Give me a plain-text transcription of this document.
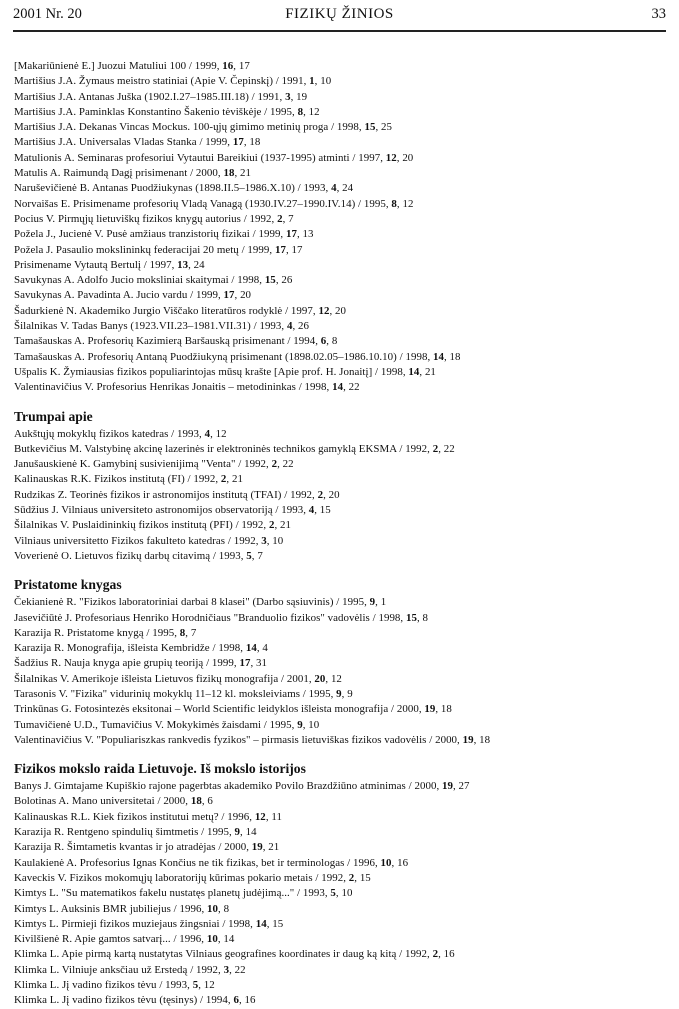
2001 Nr. 20	FIZIKŲ ŽINIOS	33
[Makariūnienė E.] Juozui Matuliui 100 / 1999, 16, 17
Martišius J.A. Žymaus meistro statiniai (Apie V. Čepinskį) / 1991, 1, 10
Martišius J.A. Antanas Juška (1902.I.27–1985.III.18) / 1991, 3, 19
Martišius J.A. Paminklas Konstantino Šakenio tėviškėje / 1995, 8, 12
Martišius J.A. Dekanas Vincas Mockus. 100-ųjų gimimo metinių proga / 1998, 15, 25
Martišius J.A. Universalas Vladas Stanka / 1999, 17, 18
Matulionis A. Seminaras profesoriui Vytautui Bareikiui (1937-1995) atminti / 1997, 12, 20
Matulis A. Raimundą Dagį prisimenant / 2000, 18, 21
Naruševičienė B. Antanas Puodžiukynas (1898.II.5–1986.X.10) / 1993, 4, 24
Norvaišas E. Prisimename profesorių Vladą Vanagą (1930.IV.27–1990.IV.14) / 1995, 8, 12
Pocius V. Pirmųjų lietuviškų fizikos knygų autorius / 1992, 2, 7
Požela J., Jucienė V. Pusė amžiaus tranzistorių fizikai / 1999, 17, 13
Požela J. Pasaulio mokslininkų federacijai 20 metų / 1999, 17, 17
Prisimename Vytautą Bertulį / 1997, 13, 24
Savukynas A. Adolfo Jucio moksliniai skaitymai / 1998, 15, 26
Savukynas A. Pavadinta A. Jucio vardu / 1999, 17, 20
Šadurkienė N. Akademiko Jurgio Viščako literatūros rodyklė / 1997, 12, 20
Šilalnikas V. Tadas Banys (1923.VII.23–1981.VII.31) / 1993, 4, 26
Tamašauskas A. Profesorių Kazimierą Baršauską prisimenant / 1994, 6, 8
Tamašauskas A. Profesorių Antaną Puodžiukyną prisimenant (1898.02.05–1986.10.10) / 1998, 14, 18
Ušpalis K. Žymiausias fizikos populiarintojas mūsų krašte [Apie prof. H. Jonaitį] / 1998, 14, 21
Valentinavičius V. Profesorius Henrikas Jonaitis – metodininkas / 1998, 14, 22
Trumpai apie
Aukštųjų mokyklų fizikos katedras / 1993, 4, 12
Butkevičius M. Valstybinę akcinę lazerinės ir elektroninės technikos gamyklą EKSMA / 1992, 2, 22
Janušauskienė K. Gamybinį susivienijimą "Venta" / 1992, 2, 22
Kalinauskas R.K. Fizikos institutą (FI) / 1992, 2, 21
Rudzikas Z. Teorinės fizikos ir astronomijos institutą (TFAI) / 1992, 2, 20
Sūdžius J. Vilniaus universiteto astronomijos observatoriją / 1993, 4, 15
Šilalnikas V. Puslaidininkių fizikos institutą (PFI) / 1992, 2, 21
Vilniaus universitetto Fizikos fakulteto katedras / 1992, 3, 10
Voverienė O. Lietuvos fizikų darbų citavimą / 1993, 5, 7
Pristatome knygas
Čekianienė R. "Fizikos laboratoriniai darbai 8 klasei" (Darbo sąsiuvinis) / 1995, 9, 1
Jasevičiūtė J. Profesoriaus Henriko Horodničiaus "Branduolio fizikos" vadovėlis / 1998, 15, 8
Karazija R. Pristatome knygą / 1995, 8, 7
Karazija R. Monografija, išleista Kembridže / 1998, 14, 4
Šadžius R. Nauja knyga apie grupių teoriją / 1999, 17, 31
Šilalnikas V. Amerikoje išleista Lietuvos fizikų monografija / 2001, 20, 12
Tarasonis V. "Fizika" vidurinių mokyklų 11–12 kl. moksleiviams / 1995, 9, 9
Trinkūnas G. Fotosintezės eksitonai – World Scientific leidyklos išleista monografija / 2000, 19, 18
Tumavičienė U.D., Tumavičius V. Mokykimės žaisdami / 1995, 9, 10
Valentinavičius V. "Populiariszkas rankvedis fyzikos" – pirmasis lietuviškas fizikos vadovėlis / 2000, 19, 18
Fizikos mokslo raida Lietuvoje. Iš mokslo istorijos
Banys J. Gimtajame Kupiškio rajone pagerbtas akademiko Povilo Brazdžiūno atminimas / 2000, 19, 27
Bolotinas A. Mano universitetai / 2000, 18, 6
Kalinauskas R.L. Kiek fizikos institutui metų? / 1996, 12, 11
Karazija R. Rentgeno spindulių šimtmetis / 1995, 9, 14
Karazija R. Šimtametis kvantas ir jo atradėjas / 2000, 19, 21
Kaulakienė A. Profesorius Ignas Končius ne tik fizikas, bet ir terminologas / 1996, 10, 16
Kaveckis V. Fizikos mokomųjų laboratorijų kūrimas pokario metais / 1992, 2, 15
Kimtys L. "Su matematikos fakelu nustatęs planetų judėjimą..." / 1993, 5, 10
Kimtys L. Auksinis BMR jubiliejus / 1996, 10, 8
Kimtys L. Pirmieji fizikos muziejaus žingsniai / 1998, 14, 15
Kivilšienė R. Apie gamtos satvarį... / 1996, 10, 14
Klimka L. Apie pirmą kartą nustatytas Vilniaus geografines koordinates ir daug ką kitą / 1992, 2, 16
Klimka L. Vilniuje anksčiau už Erstedą / 1992, 3, 22
Klimka L. Jį vadino fizikos tėvu / 1993, 5, 12
Klimka L. Jį vadino fizikos tėvu (tęsinys) / 1994, 6, 16
